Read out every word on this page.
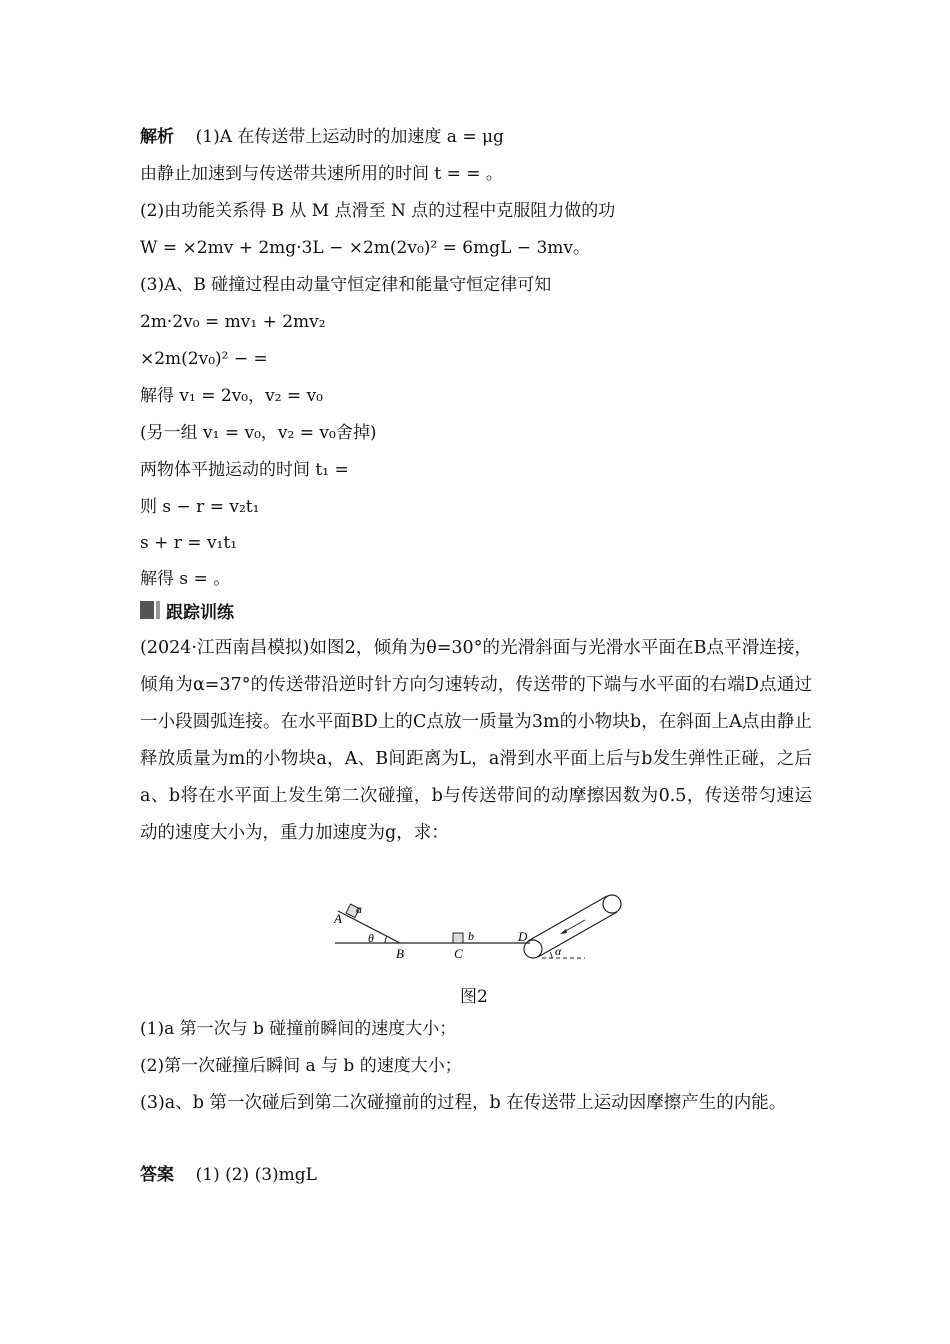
解析 (1)A 在传送带上运动时的加速度 a = μg
由静止加速到与传送带共速所用的时间 t = = 。
(2)由功能关系得 B 从 M 点滑至 N 点的过程中克服阻力做的功
W = ×2mv + 2mg·3L − ×2m(2v₀)² = 6mgL − 3mv。
(3)A、B 碰撞过程由动量守恒定律和能量守恒定律可知
2m·2v₀ = mv₁ + 2mv₂
×2m(2v₀)² − =
解得 v₁ = 2v₀，v₂ = v₀
(另一组 v₁ = v₀，v₂ = v₀舍掉)
两物体平抛运动的时间 t₁ =
则 s − r = v₂t₁
s + r = v₁t₁
解得 s = 。
跟踪训练
(2024·江西南昌模拟)如图2，倾角为θ=30°的光滑斜面与光滑水平面在B点平滑连接，倾角为α=37°的传送带沿逆时针方向匀速转动，传送带的下端与水平面的右端D点通过一小段圆弧连接。在水平面BD上的C点放一质量为3m的小物块b，在斜面上A点由静止释放质量为m的小物块a，A、B间距离为L，a滑到水平面上后与b发生弹性正碰，之后a、b将在水平面上发生第二次碰撞，b与传送带间的动摩擦因数为0.5，传送带匀速运动的速度大小为，重力加速度为g，求：
A
a
θ
B	C
b	D
α
图2
(1)a 第一次与 b 碰撞前瞬间的速度大小；
(2)第一次碰撞后瞬间 a 与 b 的速度大小；
(3)a、b 第一次碰后到第二次碰撞前的过程，b 在传送带上运动因摩擦产生的内能。
答案 (1) (2) (3)mgL
